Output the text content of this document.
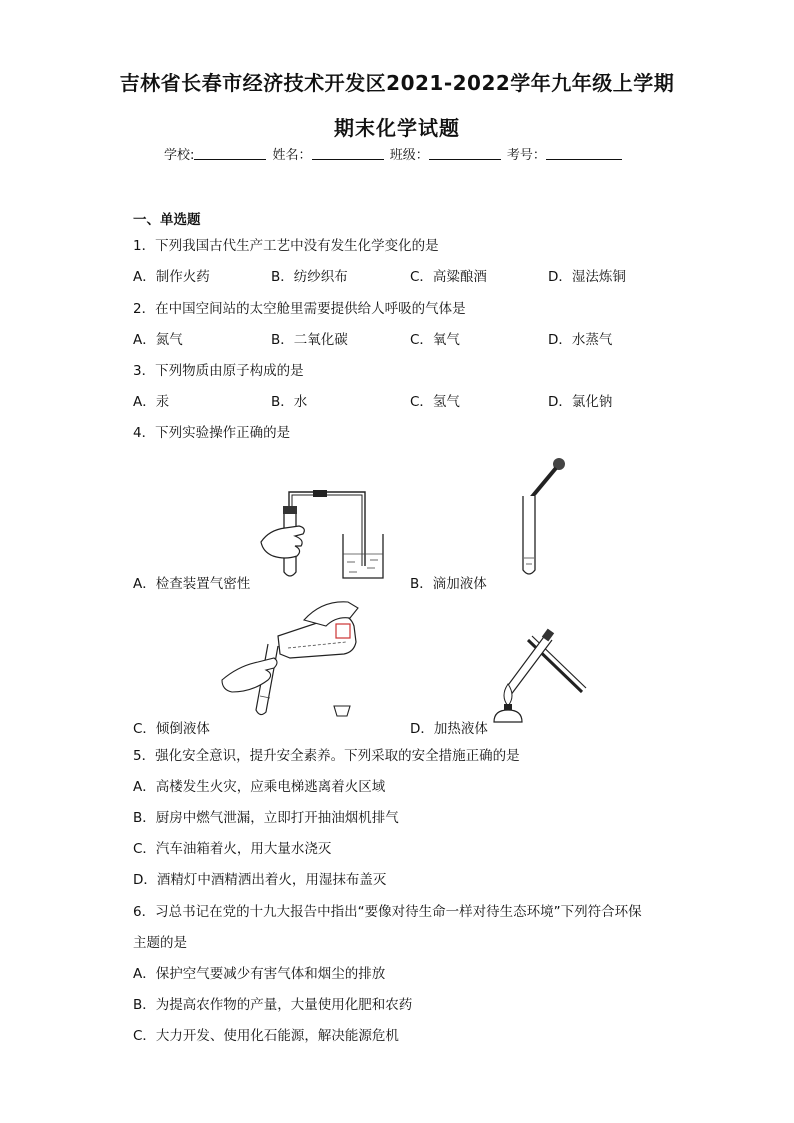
吉林省长春市经济技术开发区2021-2022学年九年级上学期
期末化学试题
学校:	姓名：	班级：	考号：
一、单选题
1．下列我国古代生产工艺中没有发生化学变化的是
A．制作火药	B．纺纱织布	C．高粱酿酒	D．湿法炼铜
2．在中国空间站的太空舱里需要提供给人呼吸的气体是
A．氮气	B．二氧化碳	C．氧气	D．水蒸气
3．下列物质由原子构成的是
A．汞	B．水	C．氢气	D．氯化钠
4．下列实验操作正确的是
A．检查装置气密性	B．滴加液体
C．倾倒液体	D．加热液体
5．强化安全意识，提升安全素养。下列采取的安全措施正确的是
A．高楼发生火灾，应乘电梯逃离着火区域
B．厨房中燃气泄漏，立即打开抽油烟机排气
C．汽车油箱着火，用大量水浇灭
D．酒精灯中酒精洒出着火，用湿抹布盖灭
6．习总书记在党的十九大报告中指出“要像对待生命一样对待生态环境”下列符合环保
主题的是
A．保护空气要减少有害气体和烟尘的排放
B．为提高农作物的产量，大量使用化肥和农药
C．大力开发、使用化石能源，解决能源危机
